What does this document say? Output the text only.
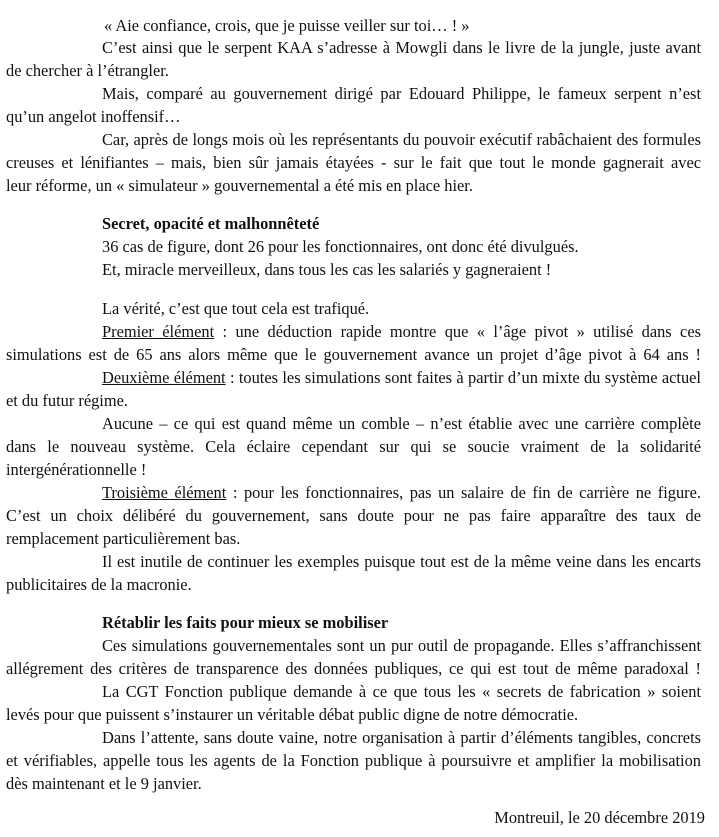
« Aie confiance, crois, que je puisse veiller sur toi… ! »

C’est ainsi que le serpent KAA s’adresse à Mowgli dans le livre de la jungle, juste avant

de chercher à l’étrangler.

Mais, comparé au gouvernement dirigé par Edouard Philippe, le fameux serpent n’est

qu’un angelot inoffensif…

Car, après de longs mois où les représentants du pouvoir exécutif rabâchaient des formules

creuses et lénifiantes – mais, bien sûr jamais étayées - sur le fait que tout le monde gagnerait avec

leur réforme, un « simulateur » gouvernemental a été mis en place hier.

Secret, opacité et malhonnêteté

36 cas de figure, dont 26 pour les fonctionnaires, ont donc été divulgués.

Et, miracle merveilleux, dans tous les cas les salariés y gagneraient !

La vérité, c’est que tout cela est trafiqué.

Premier élément : une déduction rapide montre que « l’âge pivot » utilisé dans ces

simulations est de 65 ans alors même que le gouvernement avance un projet d’âge pivot à 64 ans !

Deuxième élément : toutes les simulations sont faites à partir d’un mixte du système actuel

et du futur régime.

Aucune – ce qui est quand même un comble – n’est établie avec une carrière complète

dans le nouveau système. Cela éclaire cependant sur qui se soucie vraiment de la solidarité

intergénérationnelle !

Troisième élément : pour les fonctionnaires, pas un salaire de fin de carrière ne figure.

C’est un choix délibéré du gouvernement, sans doute pour ne pas faire apparaître des taux de

remplacement particulièrement bas.

Il est inutile de continuer les exemples puisque tout est de la même veine dans les encarts

publicitaires de la macronie.

Rétablir les faits pour mieux se mobiliser

Ces simulations gouvernementales sont un pur outil de propagande. Elles s’affranchissent

allégrement des critères de transparence des données publiques, ce qui est tout de même paradoxal !

La CGT Fonction publique demande à ce que tous les « secrets de fabrication » soient

levés pour que puissent s’instaurer un véritable débat public digne de notre démocratie.

Dans l’attente, sans doute vaine, notre organisation à partir d’éléments tangibles, concrets

et vérifiables, appelle tous les agents de la Fonction publique à poursuivre et amplifier la mobilisation

dès maintenant et le 9 janvier.

Montreuil, le 20 décembre 2019
